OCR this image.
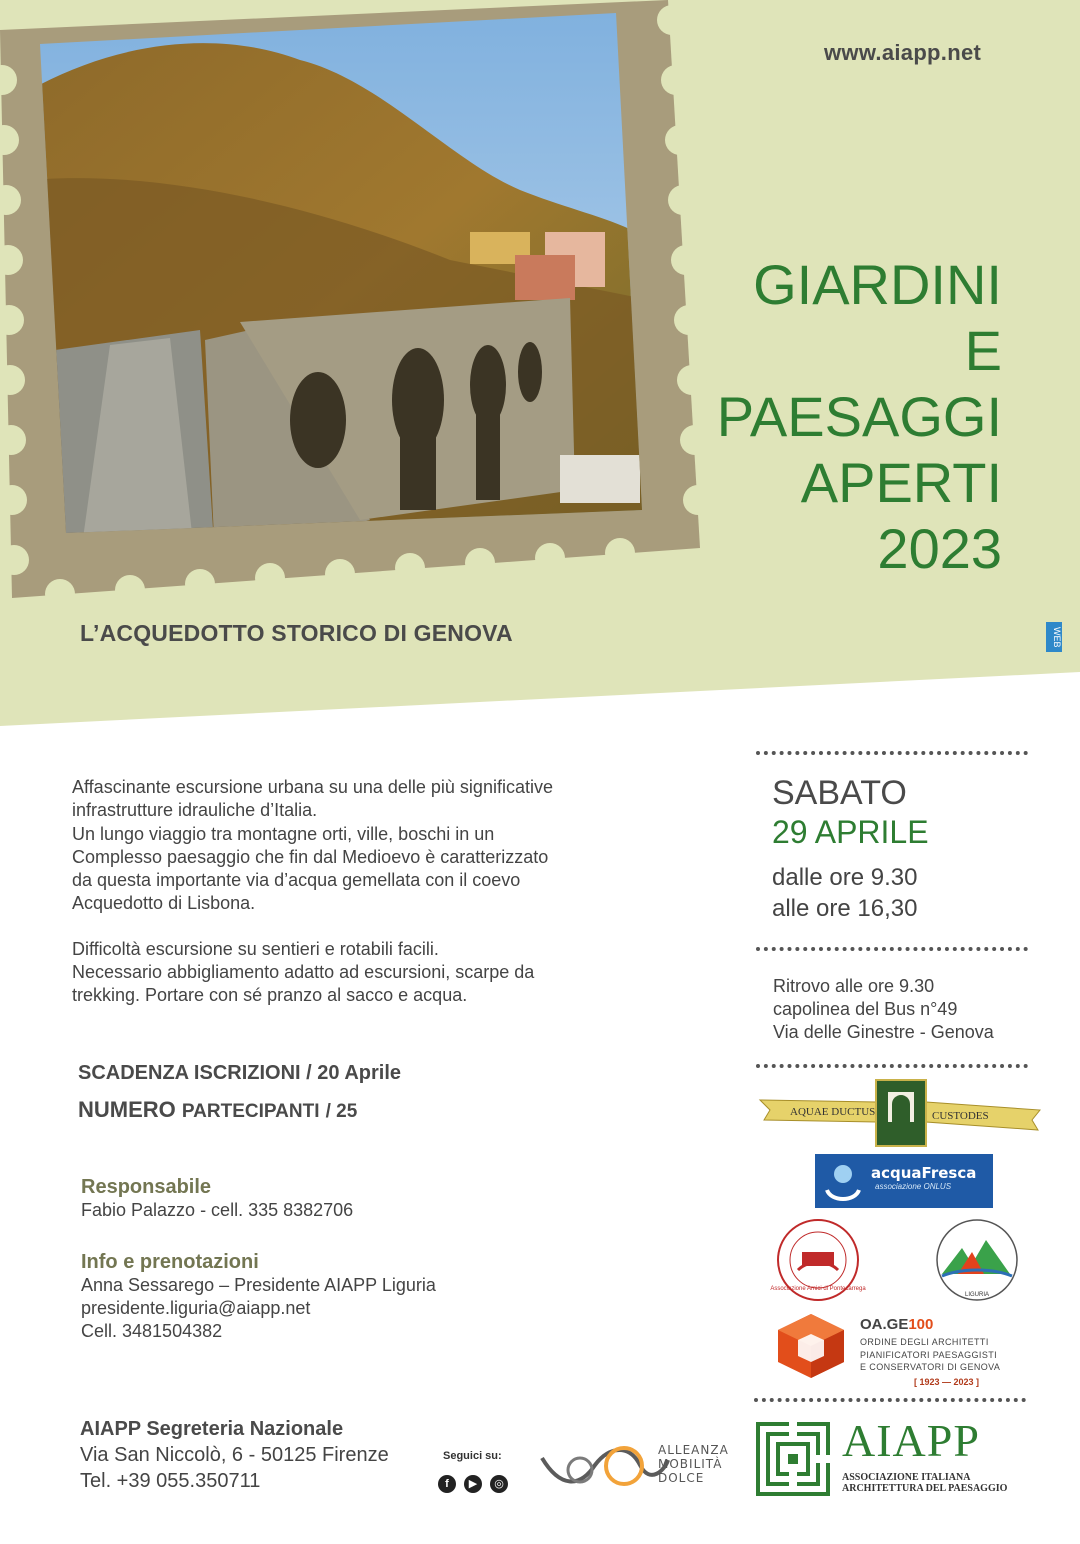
www.aiapp.net
GIARDINI
E
PAESAGGI
APERTI
2023
L’ACQUEDOTTO STORICO DI GENOVA	WEB

Affascinante escursione urbana su una delle più significative
infrastrutture idrauliche d’Italia.
Un lungo viaggio tra montagne orti, ville, boschi in un
Complesso paesaggio che fin dal Medioevo è caratterizzato
da questa importante via d’acqua gemellata con il coevo
Acquedotto di Lisbona.

Difficoltà escursione su sentieri e rotabili facili.
Necessario abbigliamento adatto ad escursioni, scarpe da
trekking. Portare con sé pranzo al sacco e acqua.

SCADENZA ISCRIZIONI / 20 Aprile
NUMERO PARTECIPANTI / 25
Responsabile
Fabio Palazzo - cell. 335 8382706
Info e prenotazioni
Anna Sessarego – Presidente AIAPP Liguria
presidente.liguria@aiapp.net
Cell. 3481504382
AIAPP Segreteria Nazionale
Via San Niccolò, 6 - 50125 Firenze
Tel. +39 055.350711
Seguici su:
f ▶ ◎
ALLEANZA
MOBILITÀ
DOLCE
SABATO
29 APRILE
dalle ore 9.30
alle ore 16,30
Ritrovo alle ore 9.30
capolinea del Bus n°49
Via delle Ginestre - Genova
AQUAE DUCTUS	CUSTODES
acquaFresca
associazione ONLUS
Associazione Amici di Pontecarrega
LIGURIA
OA.GE100
ORDINE DEGLI ARCHITETTI
PIANIFICATORI PAESAGGISTI
E CONSERVATORI DI GENOVA
[ 1923 — 2023 ]
AIAPP
ASSOCIAZIONE ITALIANA
ARCHITETTURA DEL PAESAGGIO
